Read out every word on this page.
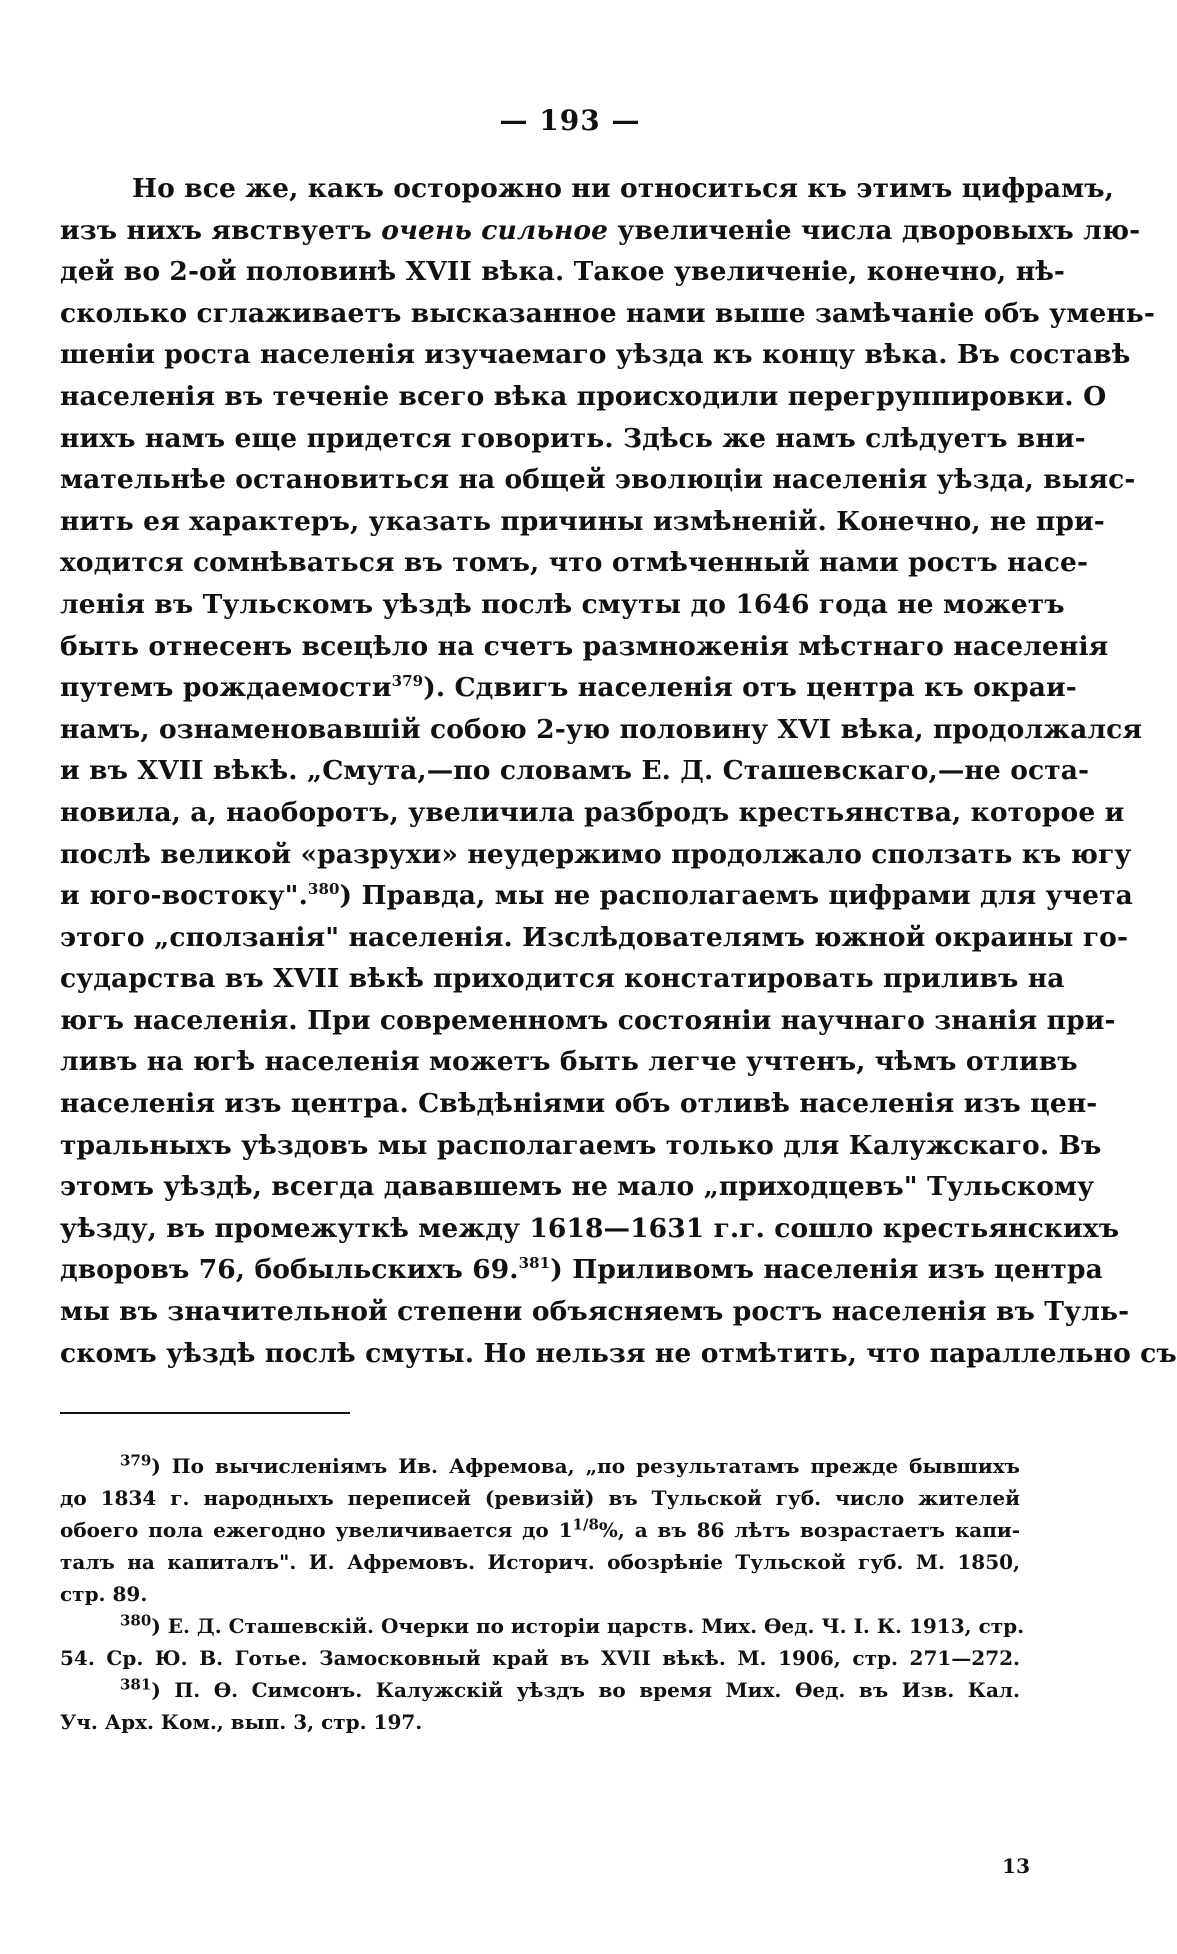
— 193 —
Но все же, какъ осторожно ни относиться къ этимъ цифрамъ,
изъ нихъ явствуетъ очень сильное увеличеніе числа дворовыхъ лю-
дей во 2-ой половинѣ XVII вѣка. Такое увеличеніе, конечно, нѣ-
сколько сглаживаетъ высказанное нами выше замѣчаніе объ умень-
шеніи роста населенія изучаемаго уѣзда къ концу вѣка. Въ составѣ
населенія въ теченіе всего вѣка происходили перегруппировки. О
нихъ намъ еще придется говорить. Здѣсь же намъ слѣдуетъ вни-
мательнѣе остановиться на общей эволюціи населенія уѣзда, выяс-
нить ея характеръ, указать причины измѣненій. Конечно, не при-
ходится сомнѣваться въ томъ, что отмѣченный нами ростъ насе-
ленія въ Тульскомъ уѣздѣ послѣ смуты до 1646 года не можетъ
быть отнесенъ всецѣло на счетъ размноженія мѣстнаго населенія
путемъ рождаемости$^{379}$). Сдвигъ населенія отъ центра къ окраи-
намъ, ознаменовавшій собою 2-ую половину XVI вѣка, продолжался
и въ XVII вѣкѣ. „Смута,—по словамъ Е. Д. Сташевскаго,—не оста-
новила, а, наоборотъ, увеличила разбродъ крестьянства, которое и
послѣ великой «разрухи» неудержимо продолжало сползать къ югу
и юго-востоку".$^{380}$) Правда, мы не располагаемъ цифрами для учета
этого „сползанія" населенія. Изслѣдователямъ южной окраины го-
сударства въ XVII вѣкѣ приходится констатировать приливъ на
югъ населенія. При современномъ состояніи научнаго знанія при-
ливъ на югѣ населенія можетъ быть легче учтенъ, чѣмъ отливъ
населенія изъ центра. Свѣдѣніями объ отливѣ населенія изъ цен-
тральныхъ уѣздовъ мы располагаемъ только для Калужскаго. Въ
этомъ уѣздѣ, всегда дававшемъ не мало „приходцевъ" Тульскому
уѣзду, въ промежуткѣ между 1618—1631 г.г. сошло крестьянскихъ
дворовъ 76, бобыльскихъ 69.$^{381}$) Приливомъ населенія изъ центра
мы въ значительной степени объясняемъ ростъ населенія въ Туль-
скомъ уѣздѣ послѣ смуты. Но нельзя не отмѣтить, что параллельно съ
$^{379}$) По вычисленіямъ Ив. Афремова, „по результатамъ прежде бывшихъ
до 1834 г. народныхъ переписей (ревизій) въ Тульской губ. число жителей
обоего пола ежегодно увеличивается до $1^{1/8}\%$, а въ 86 лѣтъ возрастаетъ капи-
талъ на капиталъ". И. Афремовъ. Историч. обозрѣніе Тульской губ. М. 1850,
стр. 89.
$^{380}$) Е. Д. Сташевскій. Очерки по исторіи царств. Мих. Ѳед. Ч. I. К. 1913, стр.
54. Ср. Ю. В. Готье. Замосковный край въ XVII вѣкѣ. М. 1906, стр. 271—272.
$^{381}$) П. Ѳ. Симсонъ. Калужскій уѣздъ во время Мих. Ѳед. въ Изв. Кал.
Уч. Арх. Ком., вып. 3, стр. 197.
13
